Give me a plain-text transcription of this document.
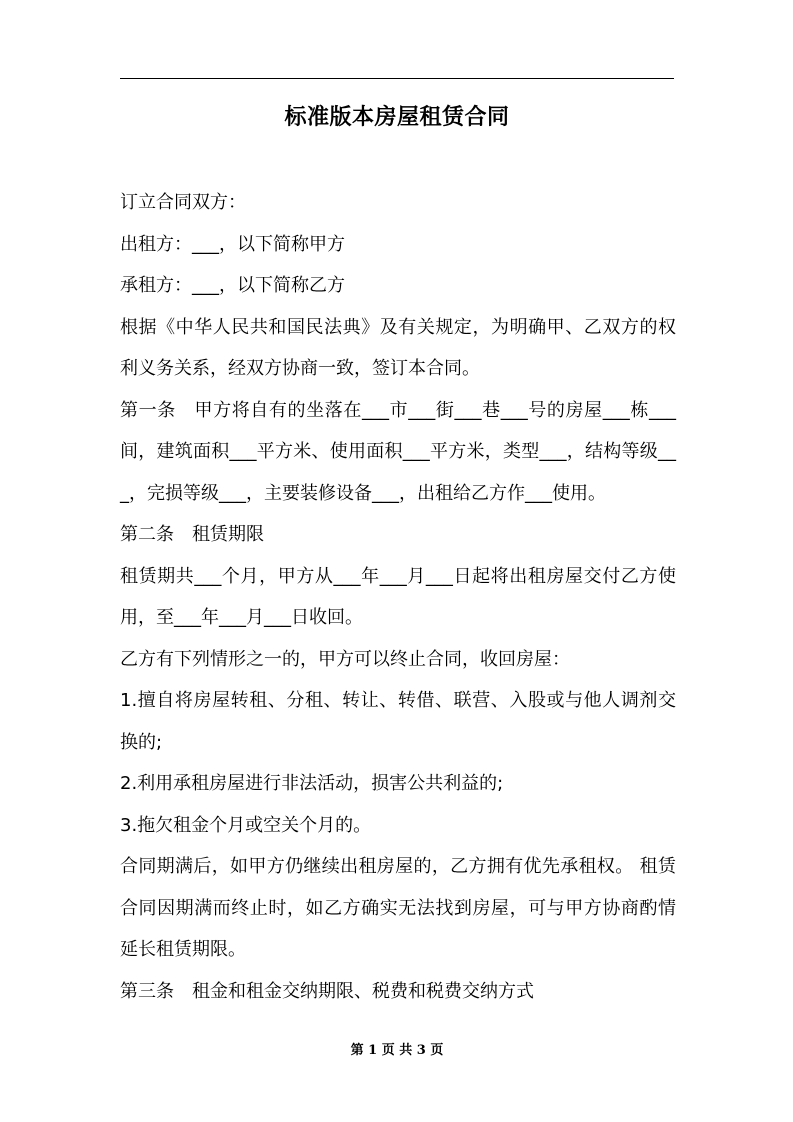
标准版本房屋租赁合同

订立合同双方：

出租方：___，以下简称甲方

承租方：___，以下简称乙方

根据《中华人民共和国民法典》及有关规定，为明确甲、乙双方的权利义务关系，经双方协商一致，签订本合同。

第一条　甲方将自有的坐落在___市___街___巷___号的房屋___栋___间，建筑面积___平方米、使用面积___平方米，类型___，结构等级___，完损等级___，主要装修设备___，出租给乙方作___使用。

第二条　租赁期限

租赁期共___个月，甲方从___年___月___日起将出租房屋交付乙方使用，至___年___月___日收回。

乙方有下列情形之一的，甲方可以终止合同，收回房屋：

1.擅自将房屋转租、分租、转让、转借、联营、入股或与他人调剂交换的;

2.利用承租房屋进行非法活动，损害公共利益的;

3.拖欠租金个月或空关个月的。

合同期满后，如甲方仍继续出租房屋的，乙方拥有优先承租权。 租赁合同因期满而终止时，如乙方确实无法找到房屋，可与甲方协商酌情延长租赁期限。

第三条　租金和租金交纳期限、税费和税费交纳方式

第 1 页 共 3 页
